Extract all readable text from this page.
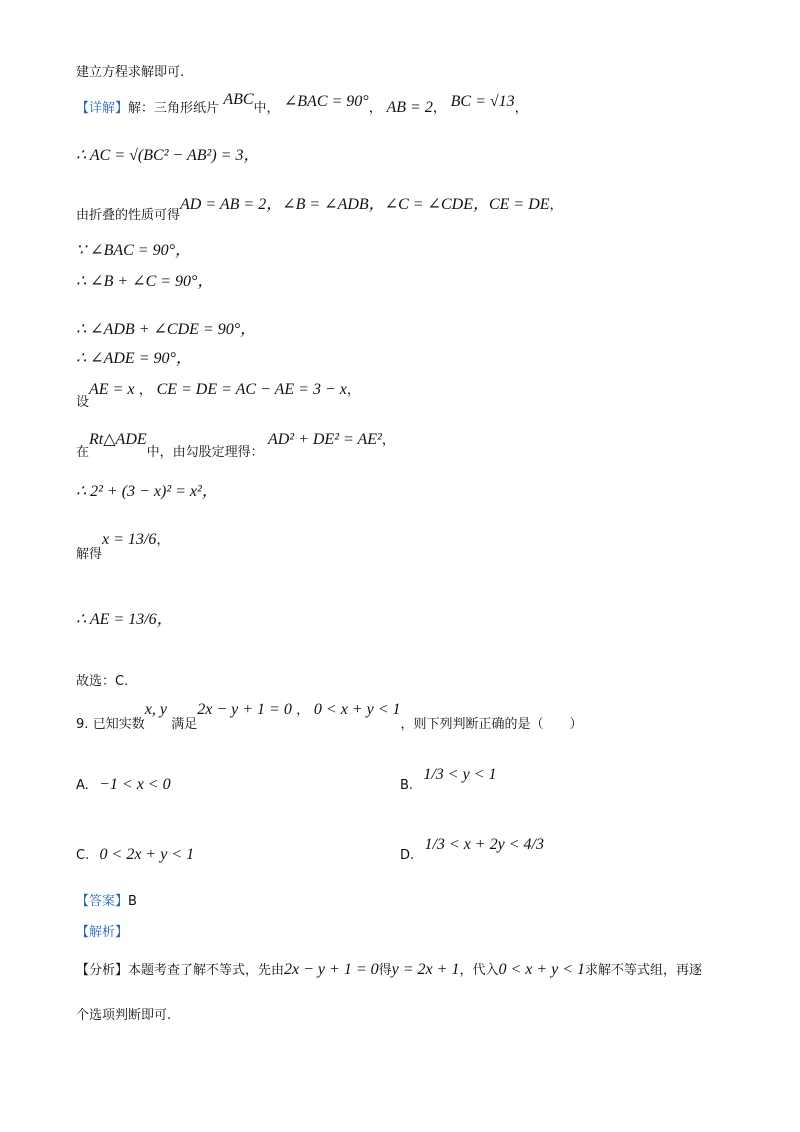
建立方程求解即可.
【详解】解：三角形纸片 ABC中， ∠BAC = 90°， AB = 2， BC = √13，
∴ AC = √(BC² − AB²) = 3，
由折叠的性质可得AD = AB = 2，∠B = ∠ADB，∠C = ∠CDE，CE = DE，
∵ ∠BAC = 90°，
∴ ∠B + ∠C = 90°，
∴ ∠ADB + ∠CDE = 90°，
∴ ∠ADE = 90°，
设AE = x ， CE = DE = AC − AE = 3 − x，
在Rt△ADE中，由勾股定理得： AD² + DE² = AE²，
∴ 2² + (3 − x)² = x²，
解得x = 13/6，
∴ AE = 13/6，
故选：C.
9. 已知实数x, y 满足2x − y + 1 = 0 ， 0 < x + y < 1，则下列判断正确的是（　　）
A. −1 < x < 0	B. 1/3 < y < 1
C. 0 < 2x + y < 1	D. 1/3 < x + 2y < 4/3
【答案】B
【解析】
【分析】本题考查了解不等式，先由2x − y + 1 = 0得y = 2x + 1，代入0 < x + y < 1求解不等式组，再逐
个选项判断即可.
